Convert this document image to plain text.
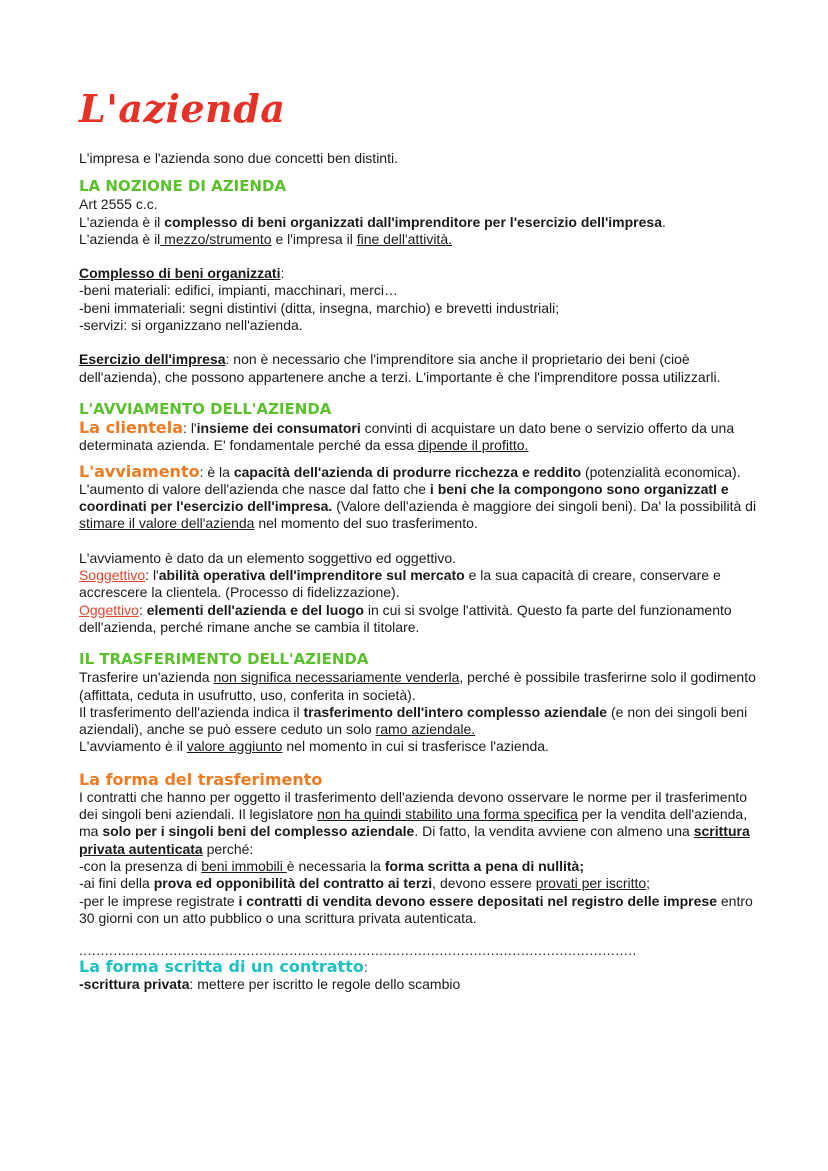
L'azienda

L'impresa e l'azienda sono due concetti ben distinti.

LA NOZIONE DI AZIENDA

Art 2555 c.c.

L'azienda è il complesso di beni organizzati dall'imprenditore per l'esercizio dell'impresa.

L'azienda è il mezzo/strumento e l'impresa il fine dell'attività.

Complesso di beni organizzati:

-beni materiali: edifici, impianti, macchinari, merci…

-beni immateriali: segni distintivi (ditta, insegna, marchio) e brevetti industriali;

-servizi: si organizzano nell'azienda.

Esercizio dell'impresa: non è necessario che l'imprenditore sia anche il proprietario dei beni (cioè dell'azienda), che possono appartenere anche a terzi. L'importante è che l'imprenditore possa utilizzarli.

L'AVVIAMENTO DELL'AZIENDA

La clientela: l'insieme dei consumatori convinti di acquistare un dato bene o servizio offerto da una determinata azienda. E' fondamentale perché da essa dipende il profitto.

L'avviamento: è la capacità dell'azienda di produrre ricchezza e reddito (potenzialità economica).

L'aumento di valore dell'azienda che nasce dal fatto che i beni che la compongono sono organizzatI e coordinati per l'esercizio dell'impresa. (Valore dell'azienda è maggiore dei singoli beni). Da' la possibilità di stimare il valore dell'azienda nel momento del suo trasferimento.

L'avviamento è dato da un elemento soggettivo ed oggettivo.

Soggettivo: l'abilità operativa dell'imprenditore sul mercato e la sua capacità di creare, conservare e accrescere la clientela. (Processo di fidelizzazione).

Oggettivo: elementi dell'azienda e del luogo in cui si svolge l'attività. Questo fa parte del funzionamento dell'azienda, perché rimane anche se cambia il titolare.

IL TRASFERIMENTO DELL'AZIENDA

Trasferire un'azienda non significa necessariamente venderla, perché è possibile trasferirne solo il godimento (affittata, ceduta in usufrutto, uso, conferita in società).

Il trasferimento dell'azienda indica il trasferimento dell'intero complesso aziendale (e non dei singoli beni aziendali), anche se può essere ceduto un solo ramo aziendale.

L'avviamento è il valore aggiunto nel momento in cui si trasferisce l'azienda.

La forma del trasferimento

I contratti che hanno per oggetto il trasferimento dell'azienda devono osservare le norme per il trasferimento dei singoli beni aziendali. Il legislatore non ha quindi stabilito una forma specifica per la vendita dell'azienda, ma solo per i singoli beni del complesso aziendale. Di fatto, la vendita avviene con almeno una scrittura privata autenticata perché:

-con la presenza di beni immobili è necessaria la forma scritta a pena di nullità;

-ai fini della prova ed opponibilità del contratto ai terzi, devono essere provati per iscritto;

-per le imprese registrate i contratti di vendita devono essere depositati nel registro delle imprese entro 30 giorni con un atto pubblico o una scrittura privata autenticata.

..................................................................................................................................
La forma scritta di un contratto:

-scrittura privata: mettere per iscritto le regole dello scambio
